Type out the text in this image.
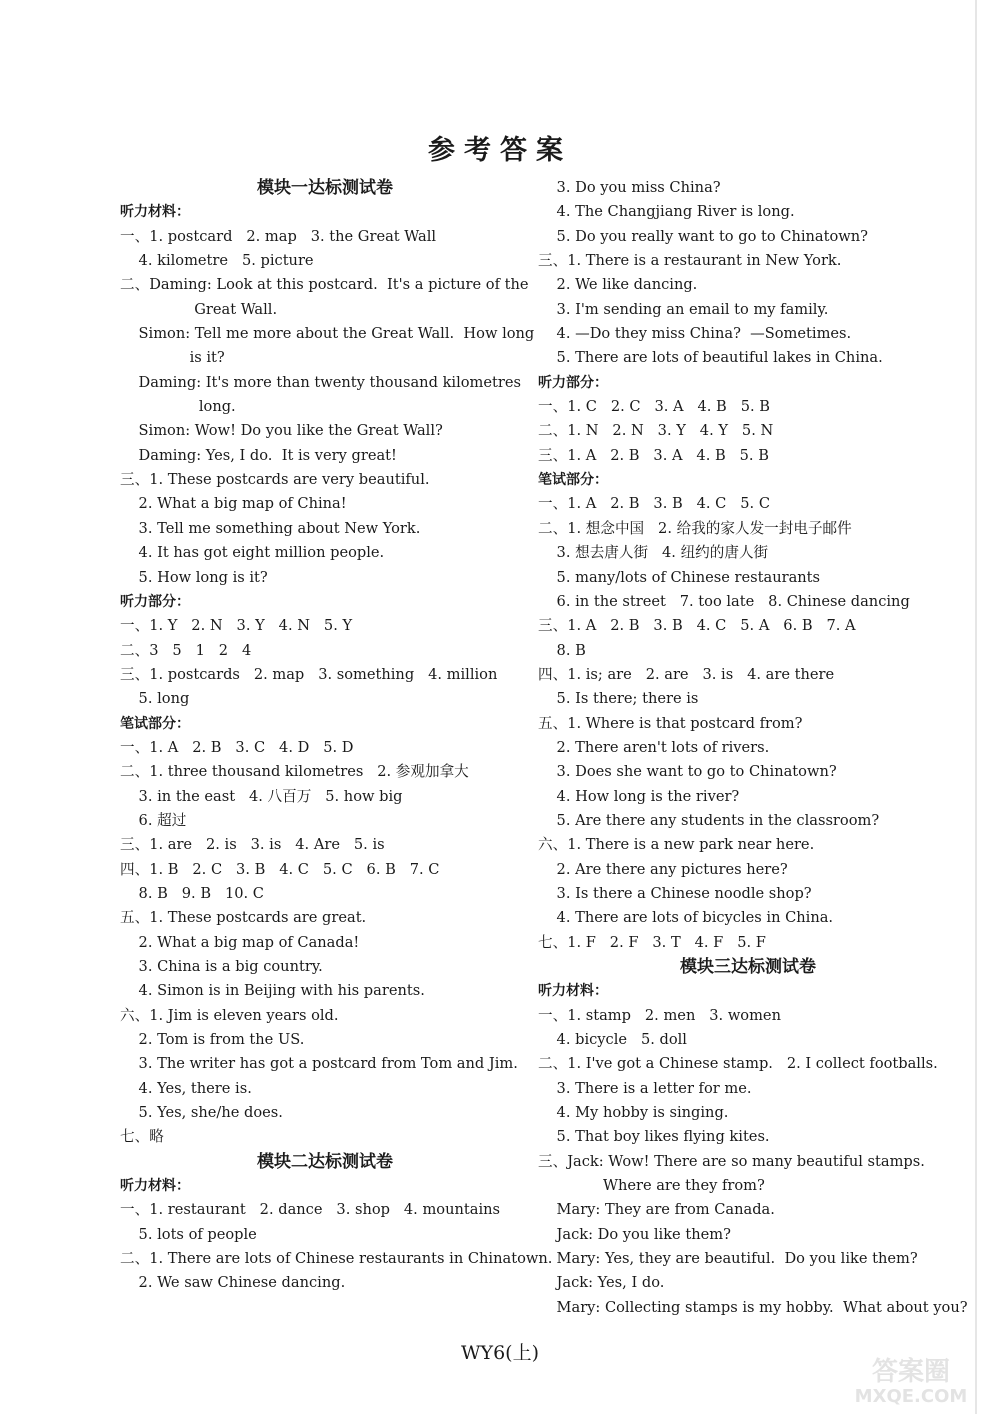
参考答案
模块一达标测试卷
听力材料：
一、1. postcard   2. map   3. the Great Wall
4. kilometre   5. picture
二、Daming: Look at this postcard.  It's a picture of the
Great Wall.
Simon: Tell me more about the Great Wall.  How long
is it?
Daming: It's more than twenty thousand kilometres
long.
Simon: Wow! Do you like the Great Wall?
Daming: Yes, I do.  It is very great!
三、1. These postcards are very beautiful.
2. What a big map of China!
3. Tell me something about New York.
4. It has got eight million people.
5. How long is it?
听力部分：
一、1. Y   2. N   3. Y   4. N   5. Y
二、3   5   1   2   4
三、1. postcards   2. map   3. something   4. million
5. long
笔试部分：
一、1. A   2. B   3. C   4. D   5. D
二、1. three thousand kilometres   2. 参观加拿大
3. in the east   4. 八百万   5. how big
6. 超过
三、1. are   2. is   3. is   4. Are   5. is
四、1. B   2. C   3. B   4. C   5. C   6. B   7. C
8. B   9. B   10. C
五、1. These postcards are great.
2. What a big map of Canada!
3. China is a big country.
4. Simon is in Beijing with his parents.
六、1. Jim is eleven years old.
2. Tom is from the US.
3. The writer has got a postcard from Tom and Jim.
4. Yes, there is.
5. Yes, she/he does.
七、略
模块二达标测试卷
听力材料：
一、1. restaurant   2. dance   3. shop   4. mountains
5. lots of people
二、1. There are lots of Chinese restaurants in Chinatown.
2. We saw Chinese dancing.
3. Do you miss China?
4. The Changjiang River is long.
5. Do you really want to go to Chinatown?
三、1. There is a restaurant in New York.
2. We like dancing.
3. I'm sending an email to my family.
4. —Do they miss China?  —Sometimes.
5. There are lots of beautiful lakes in China.
听力部分：
一、1. C   2. C   3. A   4. B   5. B
二、1. N   2. N   3. Y   4. Y   5. N
三、1. A   2. B   3. A   4. B   5. B
笔试部分：
一、1. A   2. B   3. B   4. C   5. C
二、1. 想念中国   2. 给我的家人发一封电子邮件
3. 想去唐人街   4. 纽约的唐人街
5. many/lots of Chinese restaurants
6. in the street   7. too late   8. Chinese dancing
三、1. A   2. B   3. B   4. C   5. A   6. B   7. A
8. B
四、1. is; are   2. are   3. is   4. are there
5. Is there; there is
五、1. Where is that postcard from?
2. There aren't lots of rivers.
3. Does she want to go to Chinatown?
4. How long is the river?
5. Are there any students in the classroom?
六、1. There is a new park near here.
2. Are there any pictures here?
3. Is there a Chinese noodle shop?
4. There are lots of bicycles in China.
七、1. F   2. F   3. T   4. F   5. F
模块三达标测试卷
听力材料：
一、1. stamp   2. men   3. women
4. bicycle   5. doll
二、1. I've got a Chinese stamp.   2. I collect footballs.
3. There is a letter for me.
4. My hobby is singing.
5. That boy likes flying kites.
三、Jack: Wow! There are so many beautiful stamps.
Where are they from?
Mary: They are from Canada.
Jack: Do you like them?
Mary: Yes, they are beautiful.  Do you like them?
Jack: Yes, I do.
Mary: Collecting stamps is my hobby.  What about you?
WY6(上)
答案圈
MXQE.COM
